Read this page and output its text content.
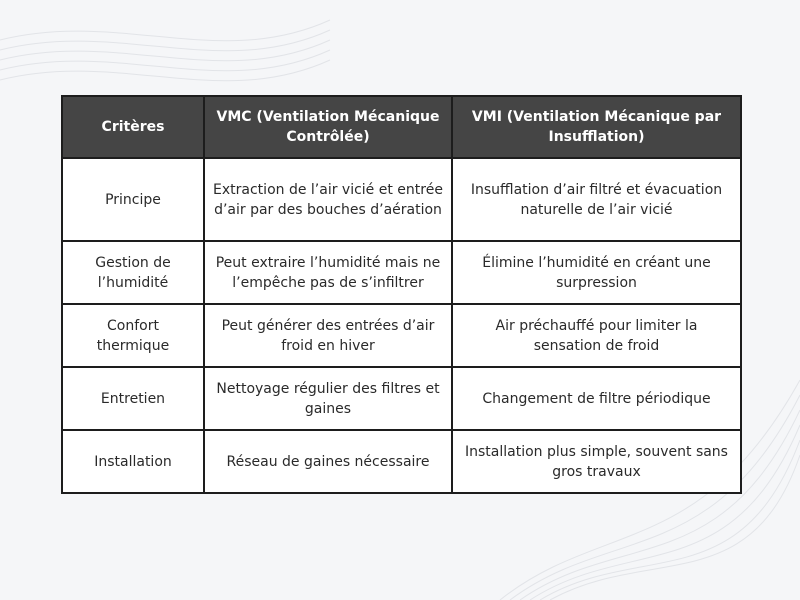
Critères	VMC (Ventilation Mécanique Contrôlée)	VMI (Ventilation Mécanique par Insufflation)
Principe	Extraction de l’air vicié et entrée d’air par des bouches d’aération	Insufflation d’air filtré et évacuation naturelle de l’air vicié
Gestion de l’humidité	Peut extraire l’humidité mais ne l’empêche pas de s’infiltrer	Élimine l’humidité en créant une surpression
Confort thermique	Peut générer des entrées d’air froid en hiver	Air préchauffé pour limiter la sensation de froid
Entretien	Nettoyage régulier des filtres et gaines	Changement de filtre périodique
Installation	Réseau de gaines nécessaire	Installation plus simple, souvent sans gros travaux
